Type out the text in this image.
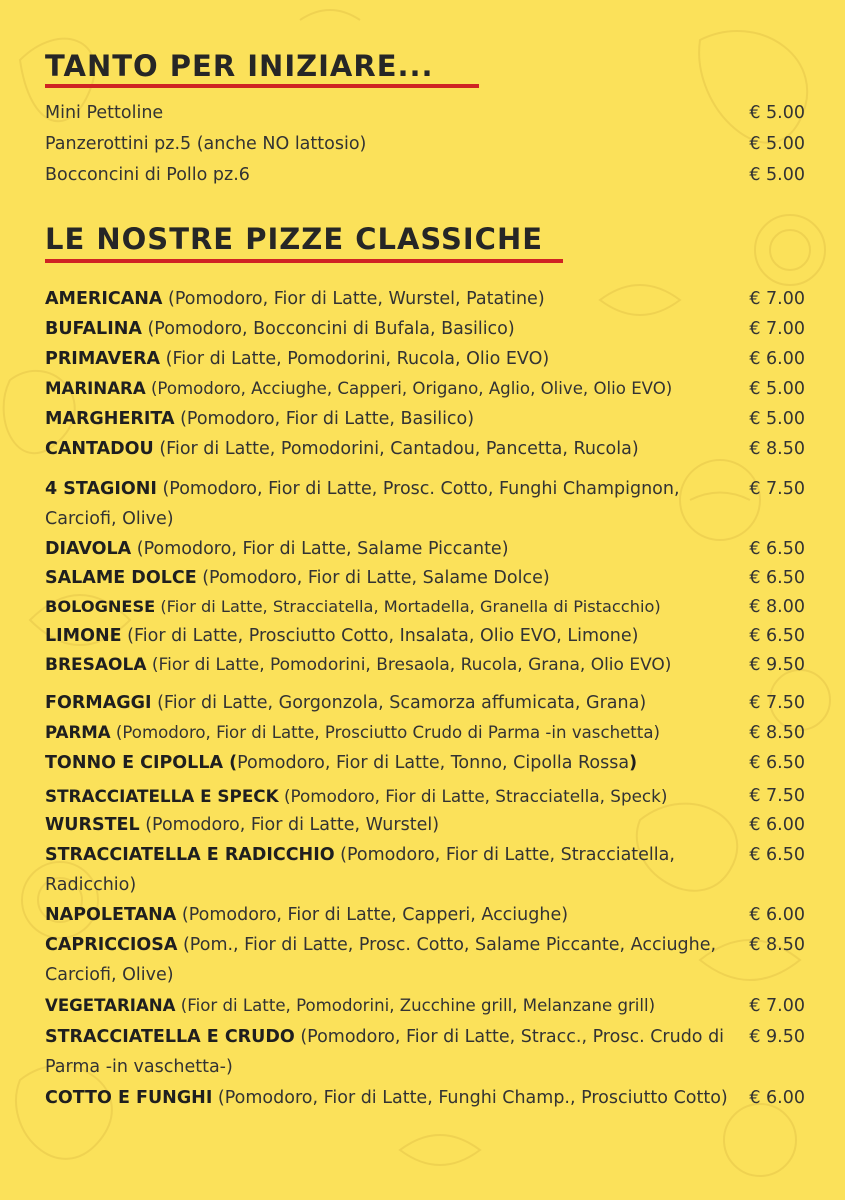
TANTO PER INIZIARE...
Mini Pettoline	€ 5.00
Panzerottini pz.5 (anche NO lattosio)	€ 5.00
Bocconcini di Pollo pz.6	€ 5.00
LE NOSTRE PIZZE CLASSICHE
AMERICANA (Pomodoro, Fior di Latte, Wurstel, Patatine)	€ 7.00
BUFALINA (Pomodoro, Bocconcini di Bufala, Basilico)	€ 7.00
PRIMAVERA (Fior di Latte, Pomodorini, Rucola, Olio EVO)	€ 6.00
MARINARA (Pomodoro, Acciughe, Capperi, Origano, Aglio, Olive, Olio EVO)	€ 5.00
MARGHERITA (Pomodoro, Fior di Latte, Basilico)	€ 5.00
CANTADOU (Fior di Latte, Pomodorini, Cantadou, Pancetta, Rucola)	€ 8.50
4 STAGIONI (Pomodoro, Fior di Latte, Prosc. Cotto, Funghi Champignon, Carciofi, Olive)
€ 7.50
DIAVOLA (Pomodoro, Fior di Latte, Salame Piccante)	€ 6.50
SALAME DOLCE (Pomodoro, Fior di Latte, Salame Dolce)	€ 6.50
BOLOGNESE (Fior di Latte, Stracciatella, Mortadella, Granella di Pistacchio)	€ 8.00
LIMONE (Fior di Latte, Prosciutto Cotto, Insalata, Olio EVO, Limone)	€ 6.50
BRESAOLA (Fior di Latte, Pomodorini, Bresaola, Rucola, Grana, Olio EVO)	€ 9.50
FORMAGGI (Fior di Latte, Gorgonzola, Scamorza affumicata, Grana)	€ 7.50
PARMA (Pomodoro, Fior di Latte, Prosciutto Crudo di Parma -in vaschetta)	€ 8.50
TONNO E CIPOLLA (Pomodoro, Fior di Latte, Tonno, Cipolla Rossa)	€ 6.50
STRACCIATELLA E SPECK (Pomodoro, Fior di Latte, Stracciatella, Speck)	€ 7.50
WURSTEL (Pomodoro, Fior di Latte, Wurstel)	€ 6.00
STRACCIATELLA E RADICCHIO (Pomodoro, Fior di Latte, Stracciatella, Radicchio)
€ 6.50
NAPOLETANA (Pomodoro, Fior di Latte, Capperi, Acciughe)	€ 6.00
CAPRICCIOSA (Pom., Fior di Latte, Prosc. Cotto, Salame Piccante, Acciughe, Carciofi, Olive)
€ 8.50
VEGETARIANA (Fior di Latte, Pomodorini, Zucchine grill, Melanzane grill)	€ 7.00
STRACCIATELLA E CRUDO (Pomodoro, Fior di Latte, Stracc., Prosc. Crudo di Parma -in vaschetta-)
€ 9.50
COTTO E FUNGHI (Pomodoro, Fior di Latte, Funghi Champ., Prosciutto Cotto)	€ 6.00
